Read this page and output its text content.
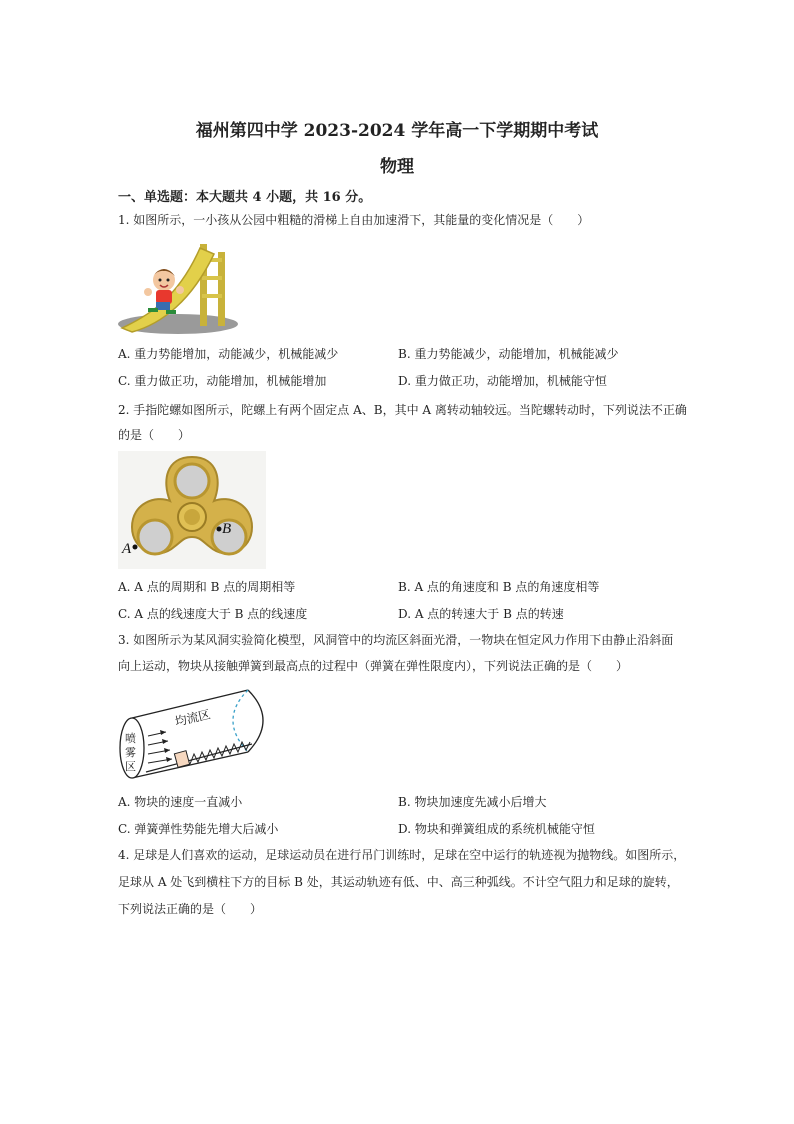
福州第四中学 2023-2024 学年高一下学期期中考试
物理
一、单选题：本大题共 4 小题，共 16 分。
1. 如图所示，一小孩从公园中粗糙的滑梯上自由加速滑下，其能量的变化情况是（　　）
A. 重力势能增加，动能减少，机械能减少	B. 重力势能减少，动能增加，机械能减少
C. 重力做正功，动能增加，机械能增加	D. 重力做正功，动能增加，机械能守恒
2. 手指陀螺如图所示，陀螺上有两个固定点 A、B，其中 A 离转动轴较远。当陀螺转动时，下列说法不正确
的是（　　）
B
A
A. A 点的周期和 B 点的周期相等	B. A 点的角速度和 B 点的角速度相等
C. A 点的线速度大于 B 点的线速度	D. A 点的转速大于 B 点的转速
3. 如图所示为某风洞实验简化模型，风洞管中的均流区斜面光滑，一物块在恒定风力作用下由静止沿斜面
向上运动，物块从接触弹簧到最高点的过程中（弹簧在弹性限度内），下列说法正确的是（　　）
喷
雾
区
均流区
A. 物块的速度一直减小	B. 物块加速度先减小后增大
C. 弹簧弹性势能先增大后减小	D. 物块和弹簧组成的系统机械能守恒
4. 足球是人们喜欢的运动，足球运动员在进行吊门训练时，足球在空中运行的轨迹视为抛物线。如图所示，
足球从 A 处飞到横柱下方的目标 B 处，其运动轨迹有低、中、高三种弧线。不计空气阻力和足球的旋转，
下列说法正确的是（　　）
